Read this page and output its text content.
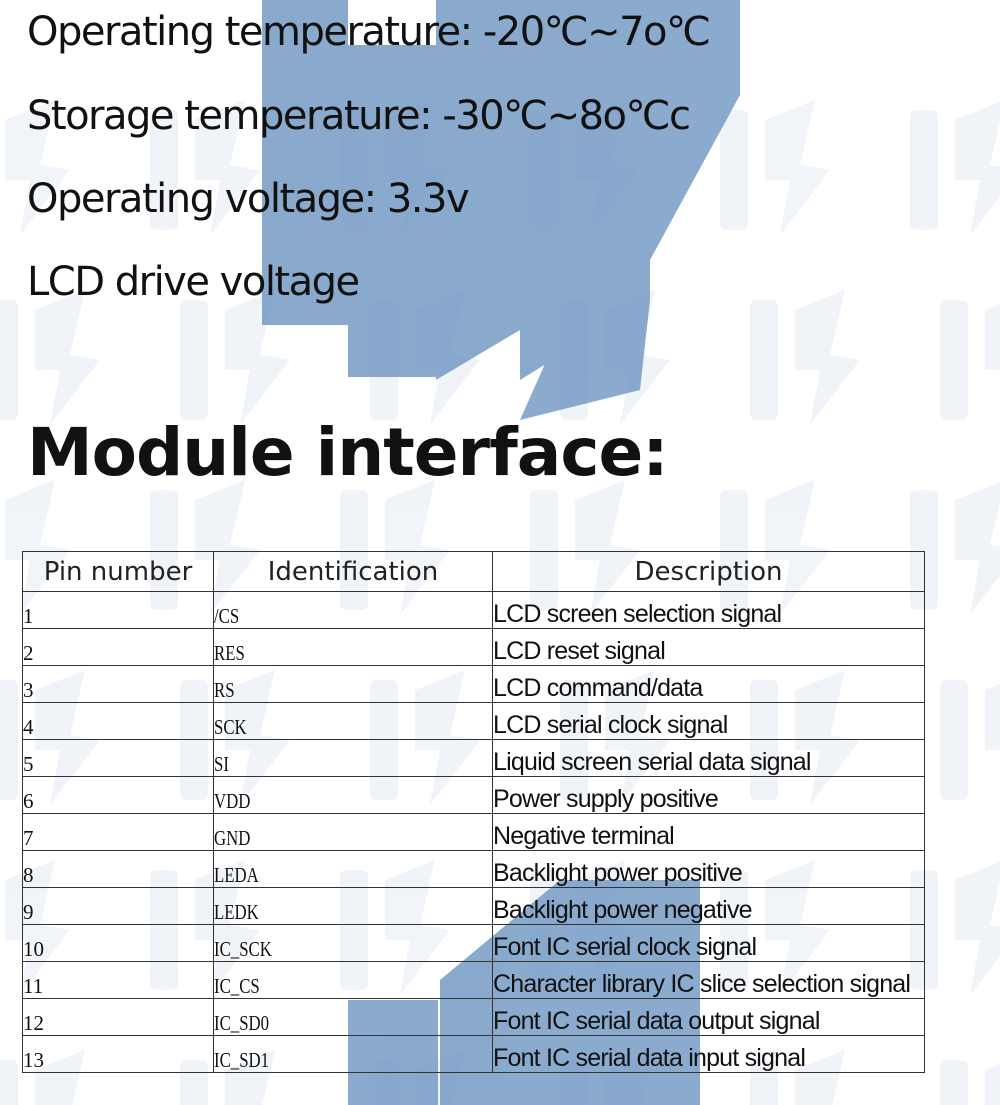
Operating temperature: -20℃~7o℃

Storage temperature: -30℃~8o℃c

Operating voltage: 3.3v

LCD drive voltage

Module interface:
Pin number	Identification	Description
1	/CS	LCD screen selection signal
2	RES	LCD reset signal
3	RS	LCD command/data
4	SCK	LCD serial clock signal
5	SI	Liquid screen serial data signal
6	VDD	Power supply positive
7	GND	Negative terminal
8	LEDA	Backlight power positive
9	LEDK	Backlight power negative
10	IC_SCK	Font IC serial clock signal
11	IC_CS	Character library IC slice selection signal
12	IC_SD0	Font IC serial data output signal
13	IC_SD1	Font IC serial data input signal
